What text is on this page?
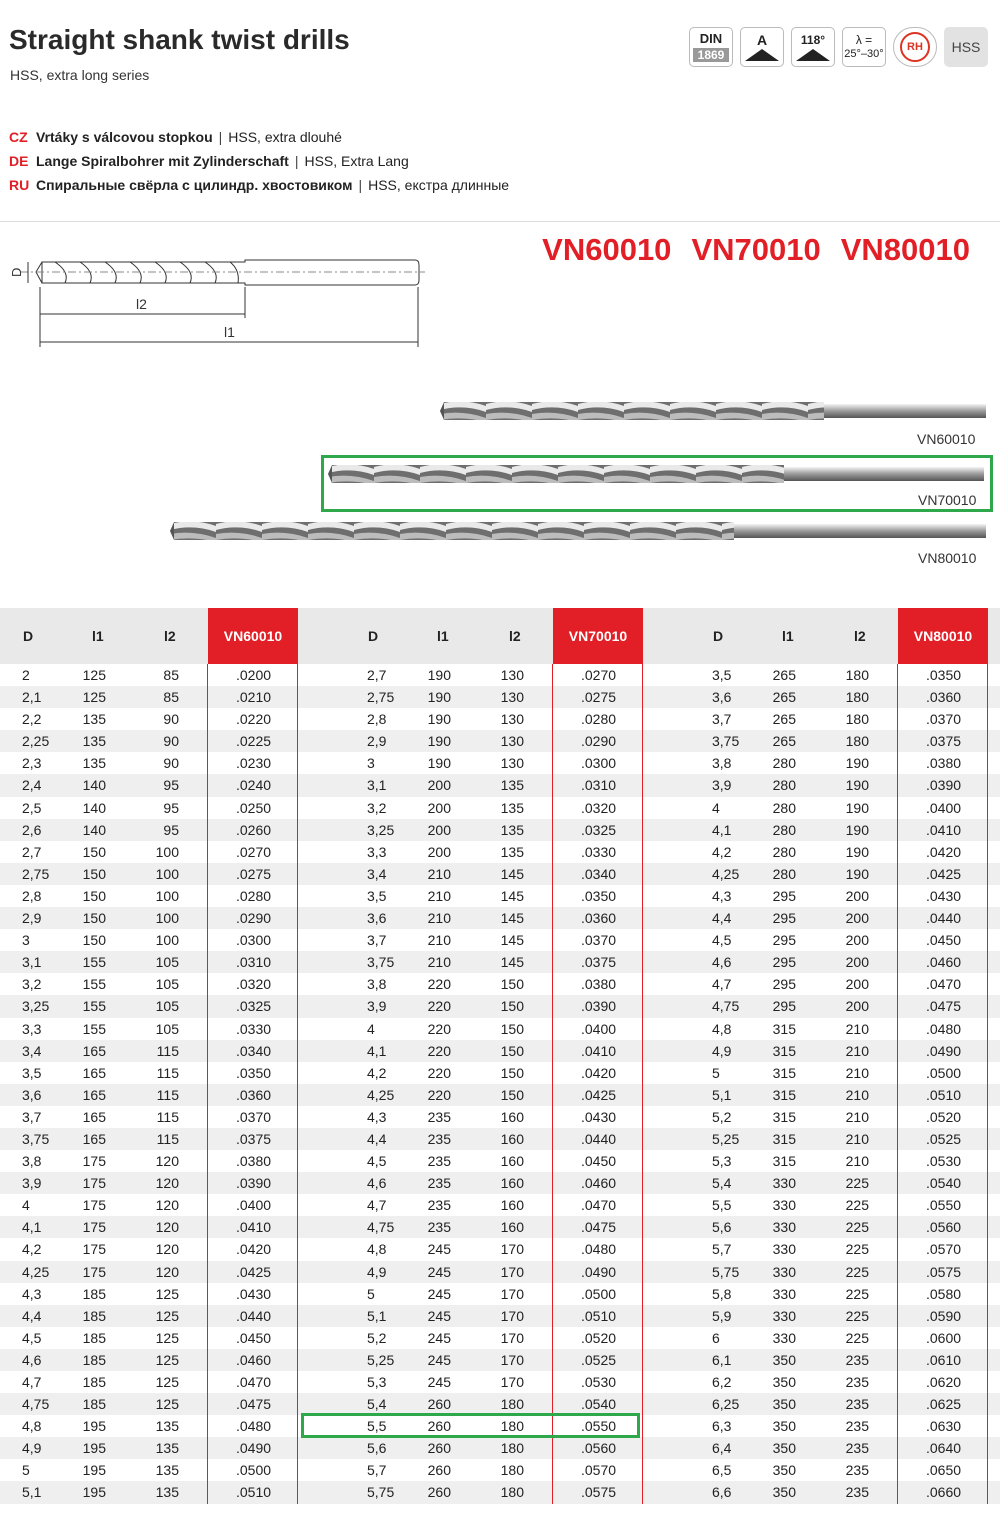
Straight shank twist drills
HSS, extra long series
DIN
1869
A	118°	λ =
25°–30°
RH HSS
CZ Vrtáky s válcovou stopkou | HSS, extra dlouhé
DE Lange Spiralbohrer mit Zylinderschaft | HSS, Extra Lang
RU Спиральные свёрла с цилиндр. хвостовиком | HSS, екстра длинные
VN60010 VN70010 VN80010
D
l2
l1
VN60010
VN70010
VN80010
D	l1	l2	VN60010
2	125	85	.0200
2,1	125	85	.0210
2,2	135	90	.0220
2,25 135	90	.0225
2,3	135	90	.0230
2,4	140	95	.0240
2,5	140	95	.0250
2,6	140	95	.0260
2,7	150	100	.0270
2,75 150	100	.0275
2,8	150	100	.0280
2,9	150	100	.0290
3	150	100	.0300
3,1	155	105	.0310
3,2	155	105	.0320
3,25 155	105	.0325
3,3	155	105	.0330
3,4	165	115	.0340
3,5	165	115	.0350
3,6	165	115	.0360
3,7	165	115	.0370
3,75 165	115	.0375
3,8	175	120	.0380
3,9	175	120	.0390
4	175	120	.0400
4,1	175	120	.0410
4,2	175	120	.0420
4,25 175	120	.0425
4,3	185	125	.0430
4,4	185	125	.0440
4,5	185	125	.0450
4,6	185	125	.0460
4,7	185	125	.0470
4,75 185	125	.0475
4,8	195	135	.0480
4,9	195	135	.0490
5	195	135	.0500
5,1	195	135	.0510
D	l1	l2	VN70010
2,7	190	130	.0270
2,75 190	130	.0275
2,8	190	130	.0280
2,9	190	130	.0290
3	190	130	.0300
3,1	200	135	.0310
3,2	200	135	.0320
3,25 200	135	.0325
3,3	200	135	.0330
3,4	210	145	.0340
3,5	210	145	.0350
3,6	210	145	.0360
3,7	210	145	.0370
3,75 210	145	.0375
3,8	220	150	.0380
3,9	220	150	.0390
4	220	150	.0400
4,1	220	150	.0410
4,2	220	150	.0420
4,25 220	150	.0425
4,3	235	160	.0430
4,4	235	160	.0440
4,5	235	160	.0450
4,6	235	160	.0460
4,7	235	160	.0470
4,75 235	160	.0475
4,8	245	170	.0480
4,9	245	170	.0490
5	245	170	.0500
5,1	245	170	.0510
5,2	245	170	.0520
5,25 245	170	.0525
5,3	245	170	.0530
5,4	260	180	.0540
5,5	260	180	.0550
5,6	260	180	.0560
5,7	260	180	.0570
5,75 260	180	.0575
D	l1	l2	VN80010
3,5	265	180	.0350
3,6	265	180	.0360
3,7	265	180	.0370
3,75 265	180	.0375
3,8	280	190	.0380
3,9	280	190	.0390
4	280	190	.0400
4,1	280	190	.0410
4,2	280	190	.0420
4,25 280	190	.0425
4,3	295	200	.0430
4,4	295	200	.0440
4,5	295	200	.0450
4,6	295	200	.0460
4,7	295	200	.0470
4,75 295	200	.0475
4,8	315	210	.0480
4,9	315	210	.0490
5	315	210	.0500
5,1	315	210	.0510
5,2	315	210	.0520
5,25 315	210	.0525
5,3	315	210	.0530
5,4	330	225	.0540
5,5	330	225	.0550
5,6	330	225	.0560
5,7	330	225	.0570
5,75 330	225	.0575
5,8	330	225	.0580
5,9	330	225	.0590
6	330	225	.0600
6,1	350	235	.0610
6,2	350	235	.0620
6,25 350	235	.0625
6,3	350	235	.0630
6,4	350	235	.0640
6,5	350	235	.0650
6,6	350	235	.0660
